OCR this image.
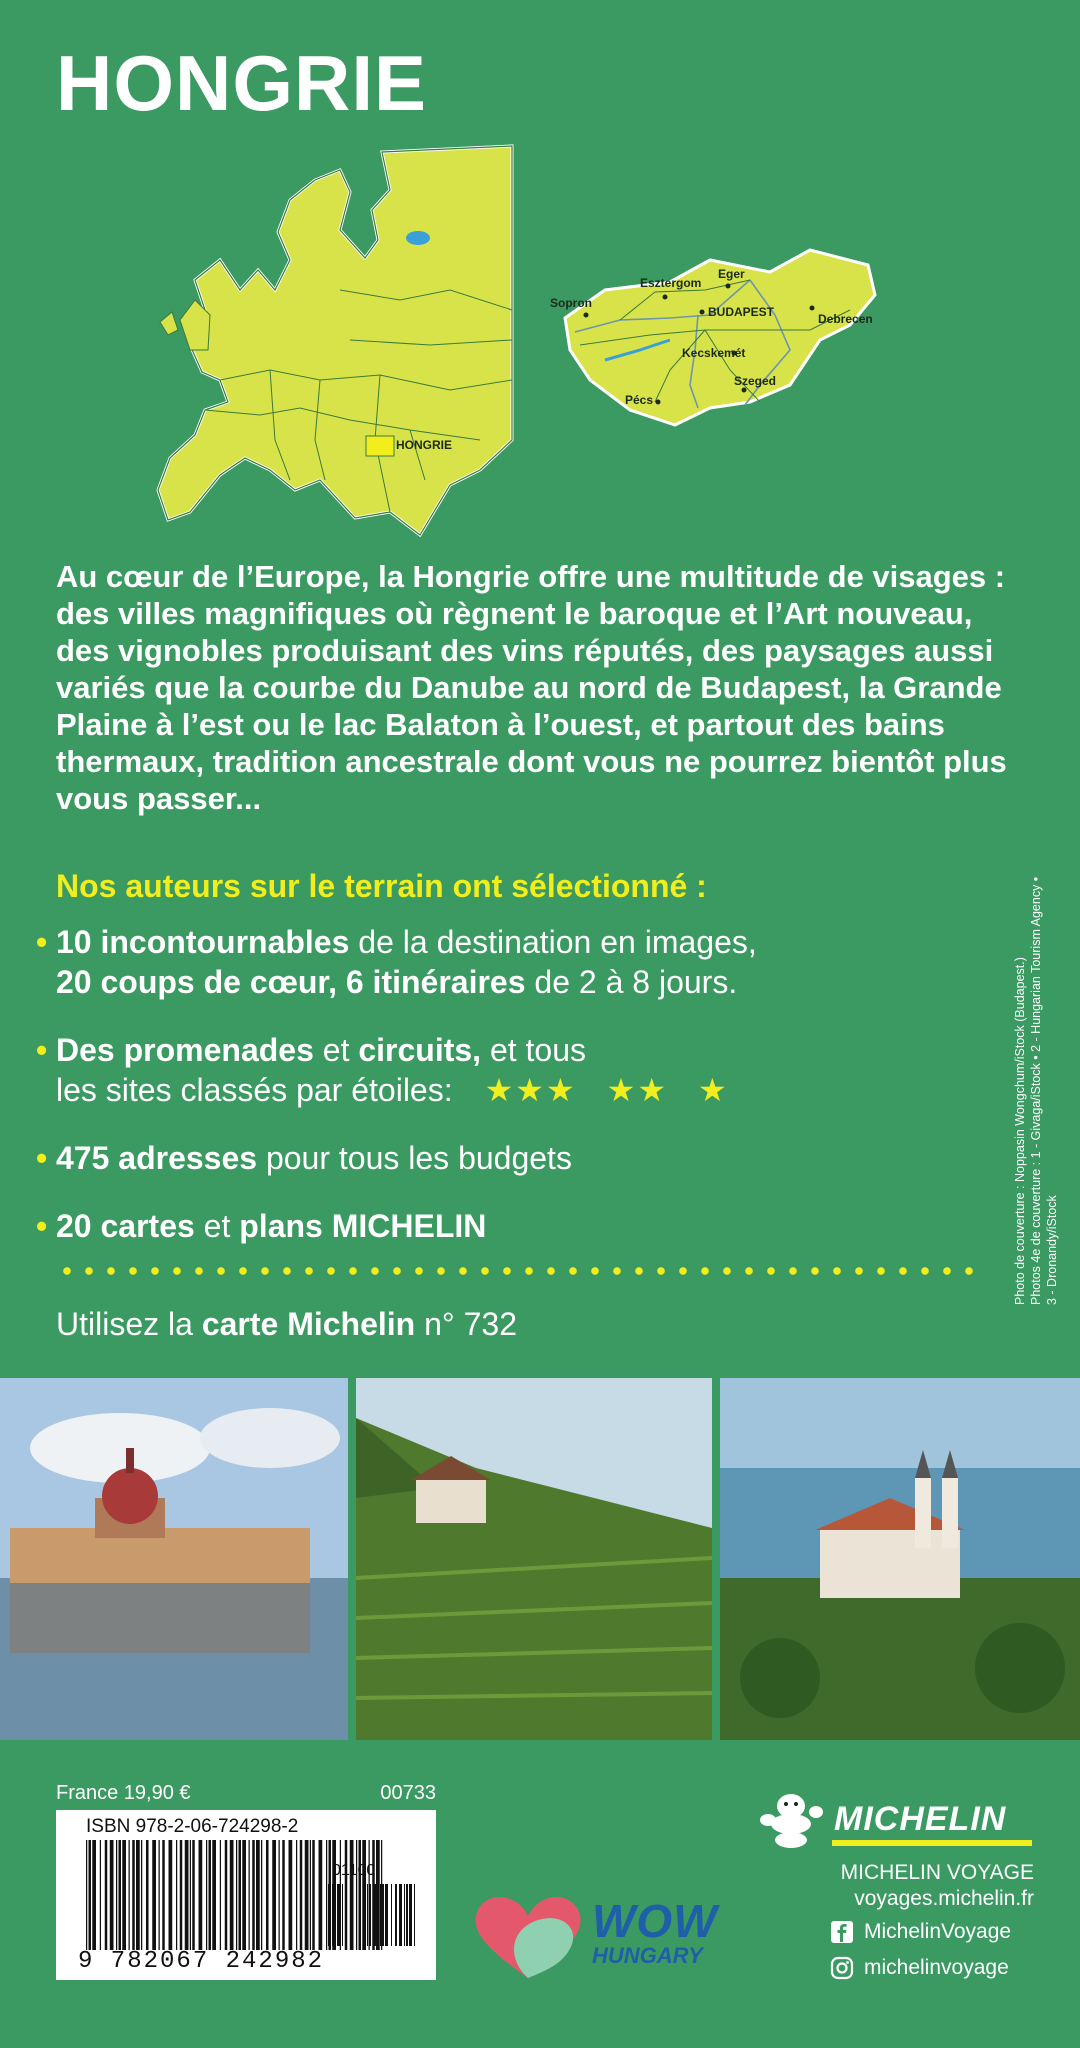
HONGRIE
HONGRIE
Sopron
Esztergom
Eger
BUDAPEST	Debrecen
Kecskemét
Szeged
Pécs
Au cœur de l’Europe, la Hongrie offre une multitude de visages : des villes magnifiques où règnent le baroque et l’Art nouveau, des vignobles produisant des vins réputés, des paysages aussi variés que la courbe du Danube au nord de Budapest, la Grande Plaine à l’est ou le lac Balaton à l’ouest, et partout des bains thermaux, tradition ancestrale dont vous ne pourrez bientôt plus vous passer...
Nos auteurs sur le terrain ont sélectionné :
• 10 incontournables de la destination en images,
20 coups de cœur, 6 itinéraires de 2 à 8 jours.
• Des promenades et circuits, et tous
les sites classés par étoiles: ★★★ ★★ ★
• 475 adresses pour tous les budgets
• 20 cartes et plans MICHELIN
Utilisez la carte Michelin n° 732
Photo de couverture : Noppasin Wongchum/iStock (Budapest.) Photos 4e de couverture : 1 - Givaga/iStock • 2 - Hungarian Tourism Agency • 3 - Dronandy/iStock
France 19,90 €	00733
ISBN 978-2-06-724298-2
01100
9 782067 242982
WOW
HUNGARY
MICHELIN
MICHELIN VOYAGE
voyages.michelin.fr
MichelinVoyage
michelinvoyage
